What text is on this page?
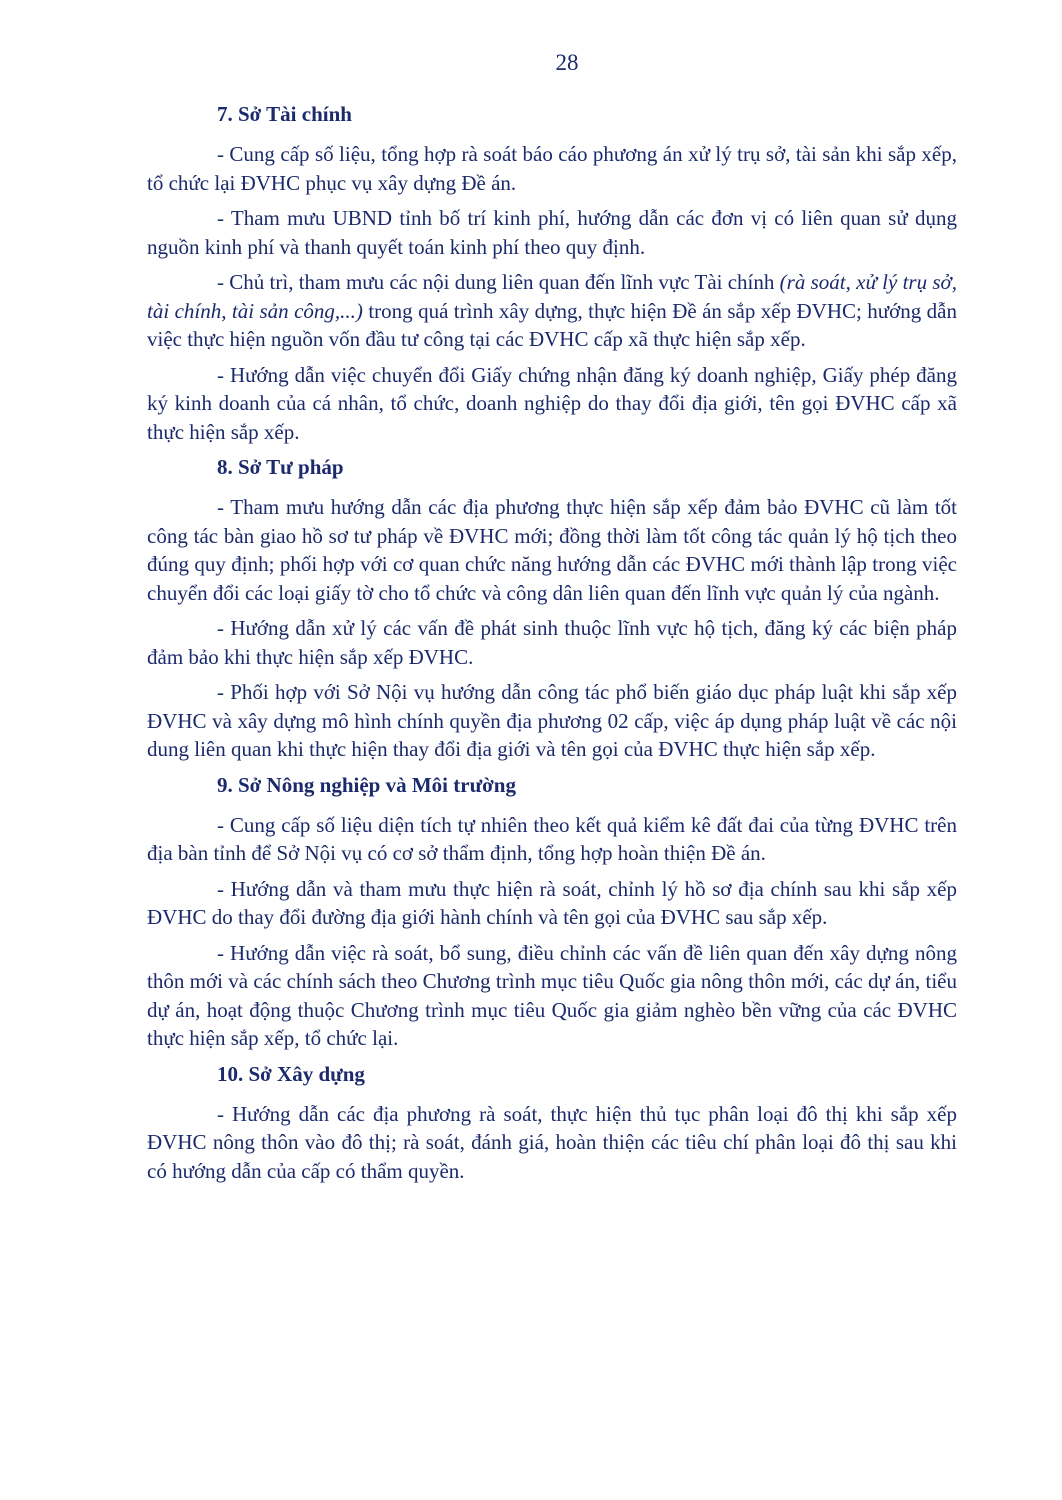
28
7. Sở Tài chính

- Cung cấp số liệu, tổng hợp rà soát báo cáo phương án xử lý trụ sở, tài sản khi sắp xếp, tổ chức lại ĐVHC phục vụ xây dựng Đề án.

- Tham mưu UBND tỉnh bố trí kinh phí, hướng dẫn các đơn vị có liên quan sử dụng nguồn kinh phí và thanh quyết toán kinh phí theo quy định.

- Chủ trì, tham mưu các nội dung liên quan đến lĩnh vực Tài chính (rà soát, xử lý trụ sở, tài chính, tài sản công,...) trong quá trình xây dựng, thực hiện Đề án sắp xếp ĐVHC; hướng dẫn việc thực hiện nguồn vốn đầu tư công tại các ĐVHC cấp xã thực hiện sắp xếp.

- Hướng dẫn việc chuyển đổi Giấy chứng nhận đăng ký doanh nghiệp, Giấy phép đăng ký kinh doanh của cá nhân, tổ chức, doanh nghiệp do thay đổi địa giới, tên gọi ĐVHC cấp xã thực hiện sắp xếp.

8. Sở Tư pháp

- Tham mưu hướng dẫn các địa phương thực hiện sắp xếp đảm bảo ĐVHC cũ làm tốt công tác bàn giao hồ sơ tư pháp về ĐVHC mới; đồng thời làm tốt công tác quản lý hộ tịch theo đúng quy định; phối hợp với cơ quan chức năng hướng dẫn các ĐVHC mới thành lập trong việc chuyển đổi các loại giấy tờ cho tổ chức và công dân liên quan đến lĩnh vực quản lý của ngành.

- Hướng dẫn xử lý các vấn đề phát sinh thuộc lĩnh vực hộ tịch, đăng ký các biện pháp đảm bảo khi thực hiện sắp xếp ĐVHC.

- Phối hợp với Sở Nội vụ hướng dẫn công tác phổ biến giáo dục pháp luật khi sắp xếp ĐVHC và xây dựng mô hình chính quyền địa phương 02 cấp, việc áp dụng pháp luật về các nội dung liên quan khi thực hiện thay đổi địa giới và tên gọi của ĐVHC thực hiện sắp xếp.

9. Sở Nông nghiệp và Môi trường

- Cung cấp số liệu diện tích tự nhiên theo kết quả kiểm kê đất đai của từng ĐVHC trên địa bàn tỉnh để Sở Nội vụ có cơ sở thẩm định, tổng hợp hoàn thiện Đề án.

- Hướng dẫn và tham mưu thực hiện rà soát, chỉnh lý hồ sơ địa chính sau khi sắp xếp ĐVHC do thay đổi đường địa giới hành chính và tên gọi của ĐVHC sau sắp xếp.

- Hướng dẫn việc rà soát, bổ sung, điều chỉnh các vấn đề liên quan đến xây dựng nông thôn mới và các chính sách theo Chương trình mục tiêu Quốc gia nông thôn mới, các dự án, tiểu dự án, hoạt động thuộc Chương trình mục tiêu Quốc gia giảm nghèo bền vững của các ĐVHC thực hiện sắp xếp, tổ chức lại.

10. Sở Xây dựng

- Hướng dẫn các địa phương rà soát, thực hiện thủ tục phân loại đô thị khi sắp xếp ĐVHC nông thôn vào đô thị; rà soát, đánh giá, hoàn thiện các tiêu chí phân loại đô thị sau khi có hướng dẫn của cấp có thẩm quyền.
